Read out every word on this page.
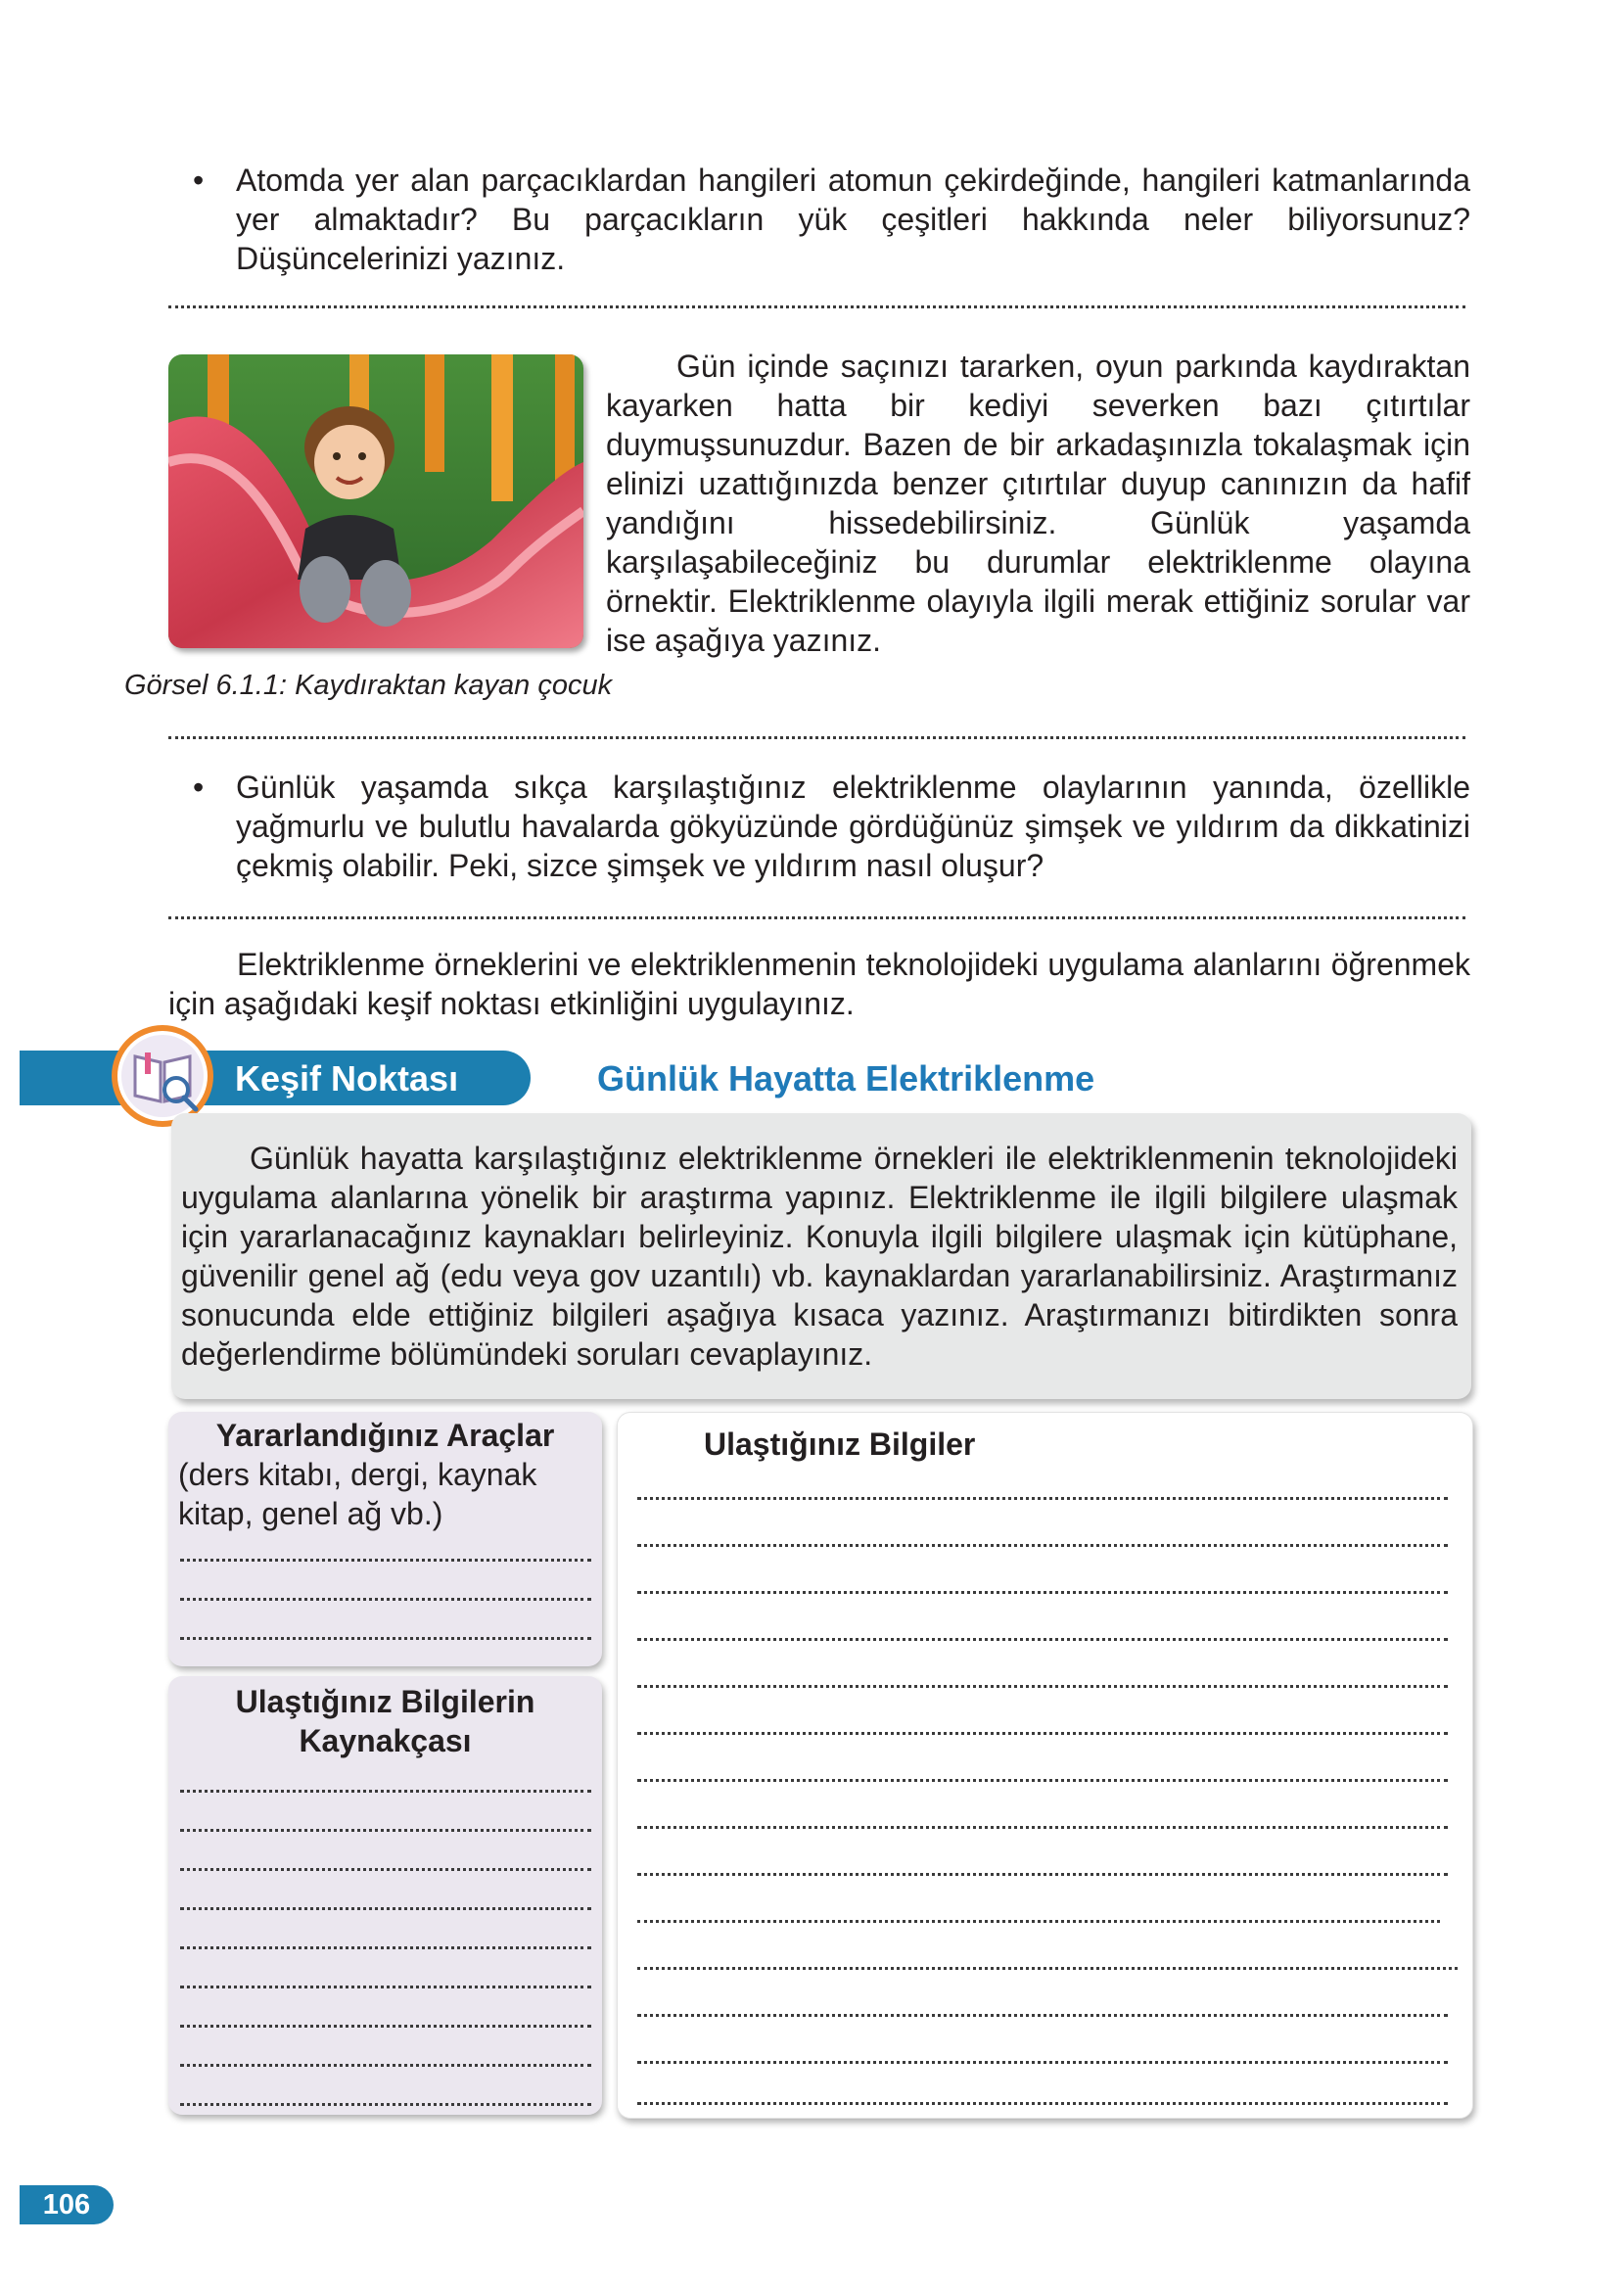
• Atomda yer alan parçacıklardan hangileri atomun çekirdeğinde, hangileri katmanlarında yer almaktadır? Bu parçacıkların yük çeşitleri hakkında neler biliyorsunuz? Düşüncelerinizi yazınız.
Gün içinde saçınızı tararken, oyun parkında kaydıraktan kayarken hatta bir kediyi severken bazı çıtırtılar duymuşsunuzdur. Bazen de bir arkadaşınızla tokalaşmak için elinizi uzattığınızda benzer çıtırtılar duyup canınızın da hafif yandığını hissedebilirsiniz. Günlük yaşamda karşılaşabileceğiniz bu durumlar elektriklenme olayına örnektir. Elektriklenme olayıyla ilgili merak ettiğiniz sorular var ise aşağıya yazınız.
Görsel 6.1.1: Kaydıraktan kayan çocuk
• Günlük yaşamda sıkça karşılaştığınız elektriklenme olaylarının yanında, özellikle yağmurlu ve bulutlu havalarda gökyüzünde gördüğünüz şimşek ve yıldırım da dikkatinizi çekmiş olabilir. Peki, sizce şimşek ve yıldırım nasıl oluşur?
Elektriklenme örneklerini ve elektriklenmenin teknolojideki uygulama alanlarını öğrenmek için aşağıdaki keşif noktası etkinliğini uygulayınız.
Keşif Noktası	Günlük Hayatta Elektriklenme
Günlük hayatta karşılaştığınız elektriklenme örnekleri ile elektriklenmenin teknolojideki uygulama alanlarına yönelik bir araştırma yapınız. Elektriklenme ile ilgili bilgilere ulaşmak için yararlanacağınız kaynakları belirleyiniz. Konuyla ilgili bilgilere ulaşmak için kütüphane, güvenilir genel ağ (edu veya gov uzantılı) vb. kaynaklardan yararlanabilirsiniz. Araştırmanız sonucunda elde ettiğiniz bilgileri aşağıya kısaca yazınız. Araştırmanızı bitirdikten sonra değerlendirme bölümündeki soruları cevaplayınız.
Yararlandığınız Araçlar
(ders kitabı, dergi, kaynak kitap, genel ağ vb.)
Ulaştığınız Bilgilerin Kaynakçası
Ulaştığınız Bilgiler
106
